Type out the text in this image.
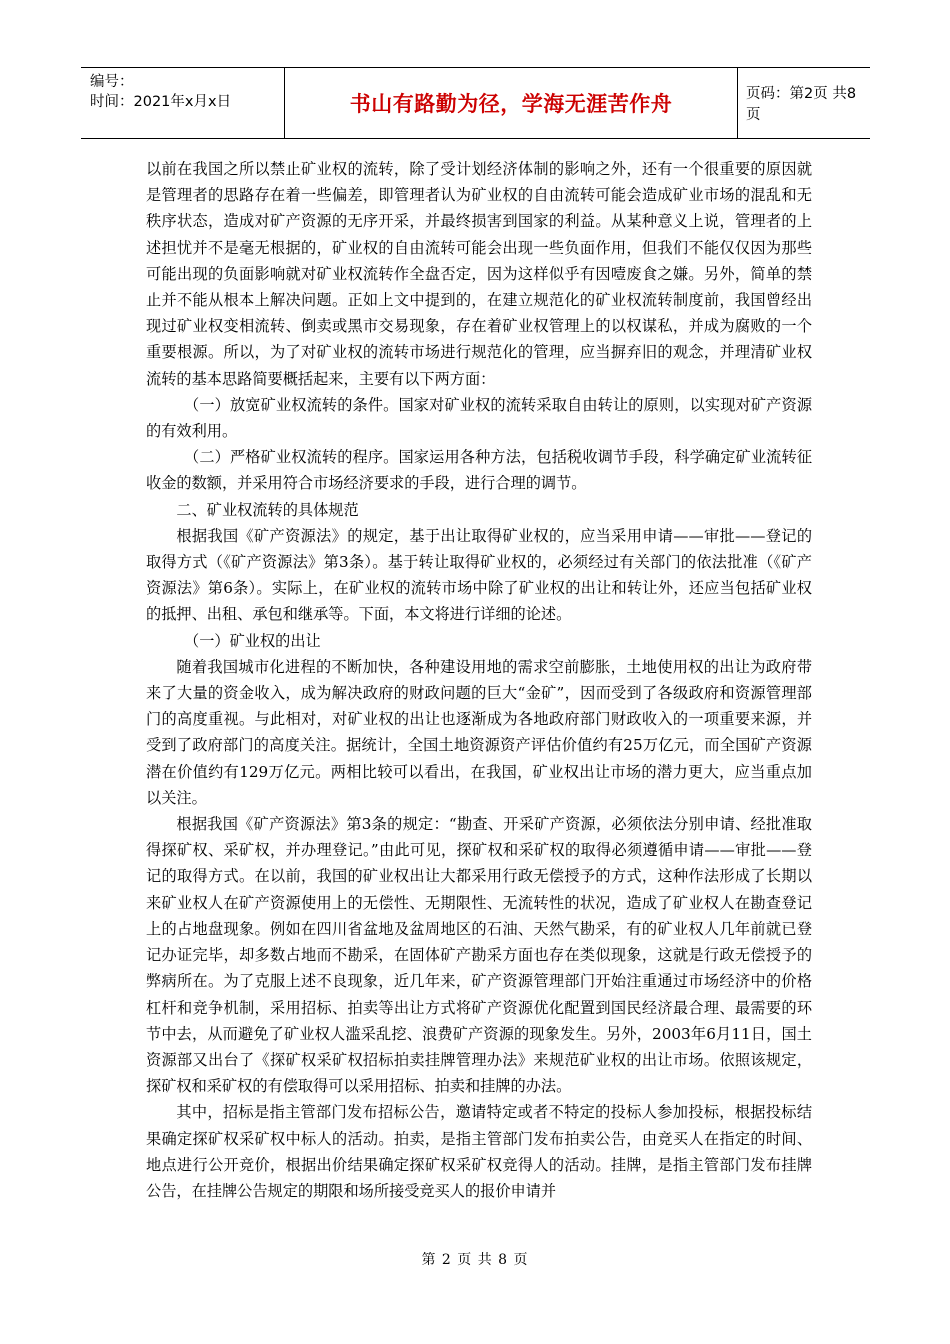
编号：
时间：2021年x月x日	书山有路勤为径，学海无涯苦作舟	页码：第2页 共8页

以前在我国之所以禁止矿业权的流转，除了受计划经济体制的影响之外，还有一个很重要的原因就是管理者的思路存在着一些偏差，即管理者认为矿业权的自由流转可能会造成矿业市场的混乱和无秩序状态，造成对矿产资源的无序开采，并最终损害到国家的利益。从某种意义上说，管理者的上述担忧并不是毫无根据的，矿业权的自由流转可能会出现一些负面作用，但我们不能仅仅因为那些可能出现的负面影响就对矿业权流转作全盘否定，因为这样似乎有因噎废食之嫌。另外，简单的禁止并不能从根本上解决问题。正如上文中提到的，在建立规范化的矿业权流转制度前，我国曾经出现过矿业权变相流转、倒卖或黑市交易现象，存在着矿业权管理上的以权谋私，并成为腐败的一个重要根源。所以，为了对矿业权的流转市场进行规范化的管理，应当摒弃旧的观念，并理清矿业权流转的基本思路简要概括起来，主要有以下两方面：

（一）放宽矿业权流转的条件。国家对矿业权的流转采取自由转让的原则，以实现对矿产资源的有效利用。

（二）严格矿业权流转的程序。国家运用各种方法，包括税收调节手段，科学确定矿业流转征收金的数额，并采用符合市场经济要求的手段，进行合理的调节。

二、矿业权流转的具体规范

根据我国《矿产资源法》的规定，基于出让取得矿业权的，应当采用申请——审批——登记的取得方式（《矿产资源法》第3条）。基于转让取得矿业权的，必须经过有关部门的依法批准（《矿产资源法》第6条）。实际上，在矿业权的流转市场中除了矿业权的出让和转让外，还应当包括矿业权的抵押、出租、承包和继承等。下面，本文将进行详细的论述。

（一）矿业权的出让

随着我国城市化进程的不断加快，各种建设用地的需求空前膨胀，土地使用权的出让为政府带来了大量的资金收入，成为解决政府的财政问题的巨大“金矿”，因而受到了各级政府和资源管理部门的高度重视。与此相对，对矿业权的出让也逐渐成为各地政府部门财政收入的一项重要来源，并受到了政府部门的高度关注。据统计，全国土地资源资产评估价值约有25万亿元，而全国矿产资源潜在价值约有129万亿元。两相比较可以看出，在我国，矿业权出让市场的潜力更大，应当重点加以关注。

根据我国《矿产资源法》第3条的规定：“勘查、开采矿产资源，必须依法分别申请、经批准取得探矿权、采矿权，并办理登记。”由此可见，探矿权和采矿权的取得必须遵循申请——审批——登记的取得方式。在以前，我国的矿业权出让大都采用行政无偿授予的方式，这种作法形成了长期以来矿业权人在矿产资源使用上的无偿性、无期限性、无流转性的状况，造成了矿业权人在勘查登记上的占地盘现象。例如在四川省盆地及盆周地区的石油、天然气勘采，有的矿业权人几年前就已登记办证完毕，却多数占地而不勘采，在固体矿产勘采方面也存在类似现象，这就是行政无偿授予的弊病所在。为了克服上述不良现象，近几年来，矿产资源管理部门开始注重通过市场经济中的价格杠杆和竞争机制，采用招标、拍卖等出让方式将矿产资源优化配置到国民经济最合理、最需要的环节中去，从而避免了矿业权人滥采乱挖、浪费矿产资源的现象发生。另外，2003年6月11日，国土资源部又出台了《探矿权采矿权招标拍卖挂牌管理办法》来规范矿业权的出让市场。依照该规定，探矿权和采矿权的有偿取得可以采用招标、拍卖和挂牌的办法。

其中，招标是指主管部门发布招标公告，邀请特定或者不特定的投标人参加投标，根据投标结果确定探矿权采矿权中标人的活动。拍卖，是指主管部门发布拍卖公告，由竞买人在指定的时间、地点进行公开竞价，根据出价结果确定探矿权采矿权竞得人的活动。挂牌，是指主管部门发布挂牌公告，在挂牌公告规定的期限和场所接受竞买人的报价申请并

第 2 页 共 8 页
